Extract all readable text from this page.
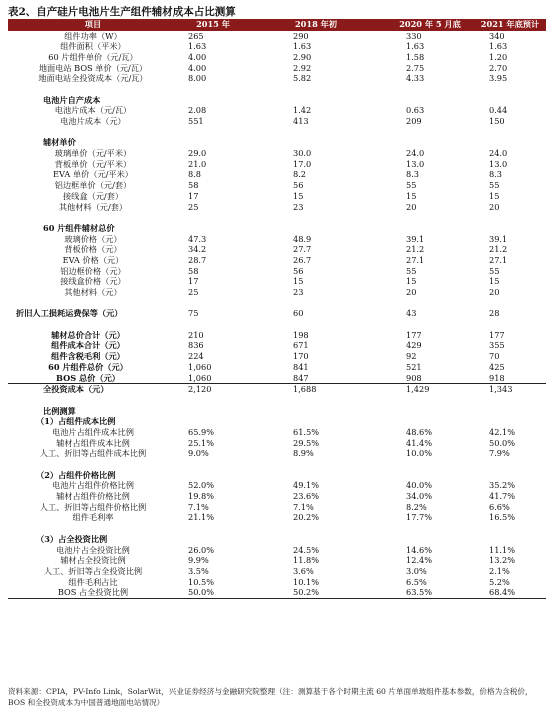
表2、自产硅片电池片生产组件辅材成本占比测算
项目	2015 年	2018 年初	2020 年 5 月底	2021 年底预计
组件功率（W）	265	290	330	340
组件面积（平米）	1.63	1.63	1.63	1.63
60 片组件单价（元/瓦）	4.00	2.90	1.58	1.20
地面电站 BOS 单价（元/瓦）	4.00	2.92	2.75	2.70
地面电站全投资成本（元/瓦）	8.00	5.82	4.33	3.95
电池片自产成本
电池片成本（元/瓦）	2.08	1.42	0.63	0.44
电池片成本（元）	551	413	209	150
辅材单价
玻璃单价（元/平米）	29.0	30.0	24.0	24.0
背板单价（元/平米）	21.0	17.0	13.0	13.0
EVA 单价（元/平米）	8.8	8.2	8.3	8.3
铝边框单价（元/套）	58	56	55	55
接线盒（元/套）	17	15	15	15
其他材料（元/套）	25	23	20	20
60 片组件辅材总价
玻璃价格（元）	47.3	48.9	39.1	39.1
背板价格（元）	34.2	27.7	21.2	21.2
EVA 价格（元）	28.7	26.7	27.1	27.1
铝边框价格（元）	58	56	55	55
接线盒价格（元）	17	15	15	15
其他材料（元）	25	23	20	20
折旧人工损耗运费保等（元）	75	60	43	28
辅材总价合计（元）	210	198	177	177
组件成本合计（元）	836	671	429	355
组件含税毛利（元）	224	170	92	70
60 片组件总价（元）	1,060	841	521	425
BOS 总价（元）	1,060	847	908	918
全投资成本（元）	2,120	1,688	1,429	1,343
比例测算
（1）占组件成本比例
电池片占组件成本比例	65.9%	61.5%	48.6%	42.1%
辅材占组件成本比例	25.1%	29.5%	41.4%	50.0%
人工、折旧等占组件成本比例	9.0%	8.9%	10.0%	7.9%
（2）占组件价格比例
电池片占组件价格比例	52.0%	49.1%	40.0%	35.2%
辅材占组件价格比例	19.8%	23.6%	34.0%	41.7%
人工、折旧等占组件价格比例	7.1%	7.1%	8.2%	6.6%
组件毛利率	21.1%	20.2%	17.7%	16.5%
（3）占全投资比例
电池片占全投资比例	26.0%	24.5%	14.6%	11.1%
辅材占全投资比例	9.9%	11.8%	12.4%	13.2%
人工、折旧等占全投资比例	3.5%	3.6%	3.0%	2.1%
组件毛利占比	10.5%	10.1%	6.5%	5.2%
BOS 占全投资比例	50.0%	50.2%	63.5%	68.4%
资料来源：CPIA，PV-Info Link，SolarWit，兴业证券经济与金融研究院整理（注：测算基于各个时期主流 60 片单面单玻组件基本参数，价格为含税价，BOS 和全投资成本为中国普通地面电站情况）
